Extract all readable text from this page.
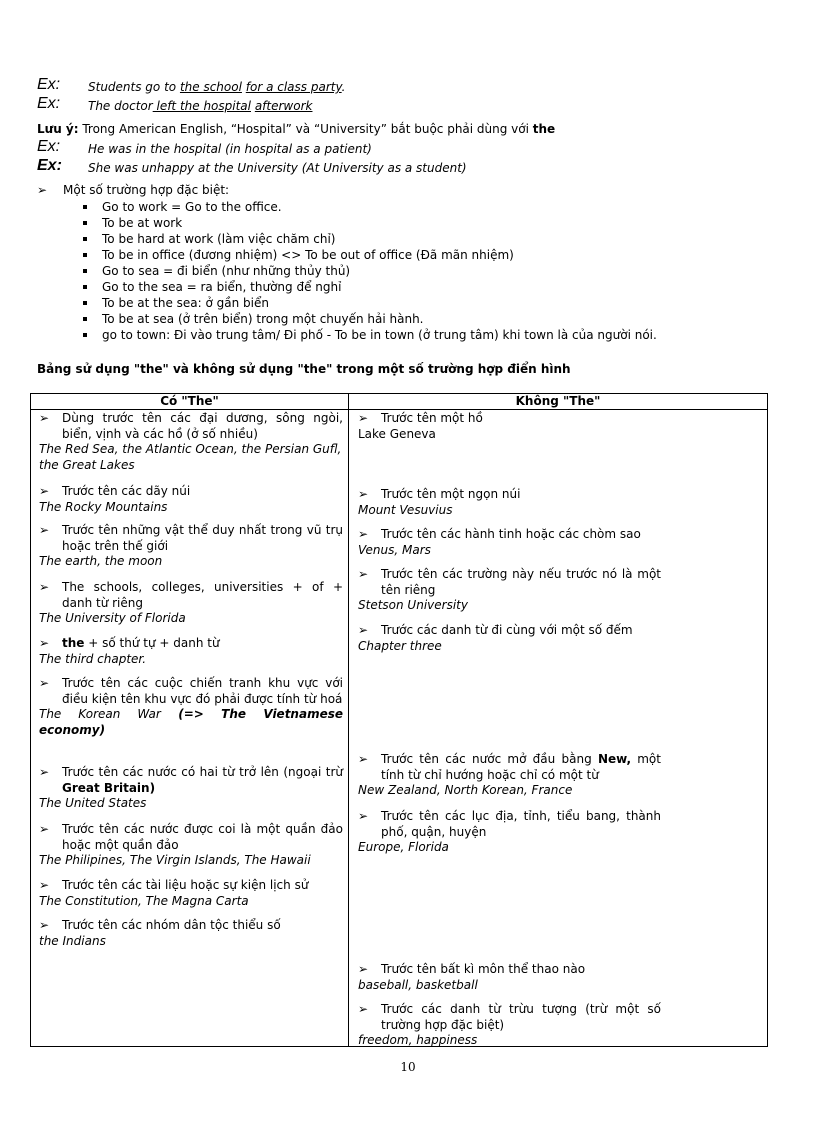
Ex: Students go to the school for a class party.
Ex: The doctor left the hospital afterwork
Lưu ý: Trong American English, “Hospital” và “University” bắt buộc phải dùng với the
Ex: He was in the hospital (in hospital as a patient)
Ex: She was unhappy at the University (At University as a student)
➢ Một số trường hợp đặc biệt:
Go to work = Go to the office.
To be at work
To be hard at work (làm việc chăm chỉ)
To be in office (đương nhiệm) <> To be out of office (Đã mãn nhiệm)
Go to sea = đi biển (như những thủy thủ)
Go to the sea = ra biển, thường để nghỉ
To be at the sea: ở gần biển
To be at sea (ở trên biển) trong một chuyến hải hành.
go to town: Đi vào trung tâm/ Đi phố - To be in town (ở trung tâm) khi town là của người nói.
Bảng sử dụng "the" và không sử dụng "the" trong một số trường hợp điển hình
Có "The"	Không "The"
➢ Dùng trước tên các đại dương, sông ngòi, biển, vịnh và các hồ (ở số nhiều)
The Red Sea, the Atlantic Ocean, the Persian Gufl, the Great Lakes
➢ Trước tên các dãy núi
The Rocky Mountains
➢ Trước tên những vật thể duy nhất trong vũ trụ hoặc trên thế giới
The earth, the moon
➢ The schools, colleges, universities + of + danh từ riêng
The University of Florida
➢ the + số thứ tự + danh từ
The third chapter.
➢ Trước tên các cuộc chiến tranh khu vực với điều kiện tên khu vực đó phải được tính từ hoá
The Korean War (=> The Vietnamese economy)
➢ Trước tên các nước có hai từ trở lên (ngoại trừ Great Britain)
The United States
➢ Trước tên các nước được coi là một quần đảo hoặc một quần đảo
The Philipines, The Virgin Islands, The Hawaii
➢ Trước tên các tài liệu hoặc sự kiện lịch sử
The Constitution, The Magna Carta
➢ Trước tên các nhóm dân tộc thiểu số
the Indians
➢ Trước tên một hồ
Lake Geneva
➢ Trước tên một ngọn núi
Mount Vesuvius
➢ Trước tên các hành tinh hoặc các chòm sao
Venus, Mars
➢ Trước tên các trường này nếu trước nó là một tên riêng
Stetson University
➢ Trước các danh từ đi cùng với một số đếm
Chapter three
➢ Trước tên các nước mở đầu bằng New, một tính từ chỉ hướng hoặc chỉ có một từ
New Zealand, North Korean, France
➢ Trước tên các lục địa, tỉnh, tiểu bang, thành phố, quận, huyện
Europe, Florida
➢ Trước tên bất kì môn thể thao nào
baseball, basketball
➢ Trước các danh từ trừu tượng (trừ một số trường hợp đặc biệt)
freedom, happiness
10
